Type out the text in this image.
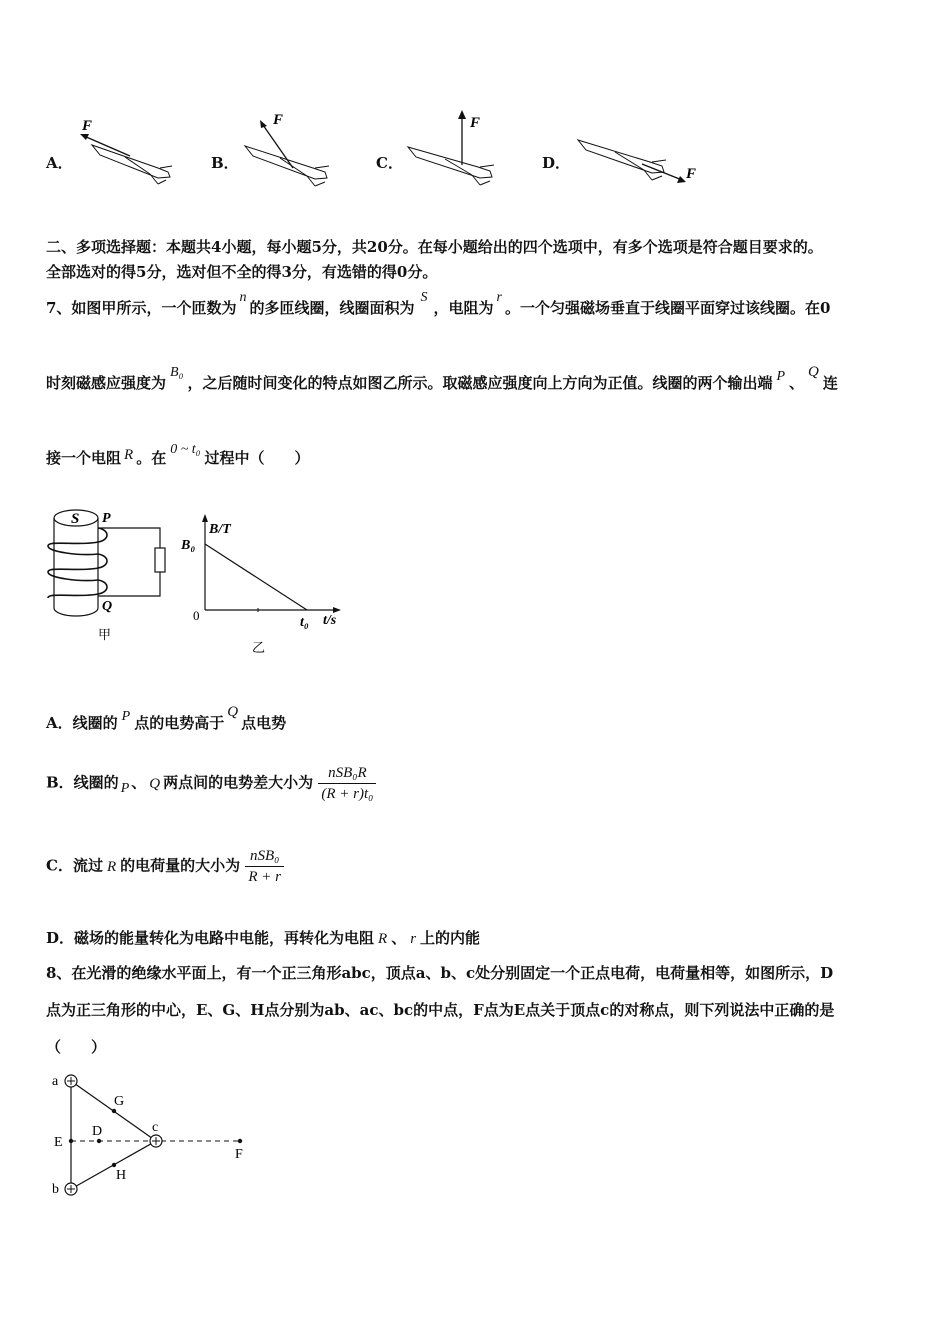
A．
F
B．
F
C．
F
D．
F
二、多项选择题：本题共4小题，每小题5分，共20分。在每小题给出的四个选项中，有多个选项是符合题目要求的。
全部选对的得5分，选对但不全的得3分，有选错的得0分。
7、如图甲所示，一个匝数为n的多匝线圈，线圈面积为S，电阻为r。一个匀强磁场垂直于线圈平面穿过该线圈。在0
时刻磁感应强度为B₀，之后随时间变化的特点如图乙所示。取磁感应强度向上方向为正值。线圈的两个输出端 P 、Q连
接一个电阻 R 。在 0 ~ t₀ 过程中（　　）
S P
Q
甲
B/T
B₀
0	t₀ t/s
乙
A．线圈的 P 点的电势高于Q点电势
B．线圈的 P 、 Q 两点间的电势差大小为 $\frac{\text{nSB₀R}}{\text{(R + r)t₀}}$
C．流过 R 的电荷量的大小为 $\frac{\text{nSB₀}}{R + r}$
D．磁场的能量转化为电路中电能，再转化为电阻 R 、 r 上的内能
8、在光滑的绝缘水平面上，有一个正三角形abc，顶点a、b、c处分别固定一个正点电荷，电荷量相等，如图所示，D
点为正三角形的中心，E、G、H点分别为ab、ac、bc的中点，F点为E点关于顶点c的对称点，则下列说法中正确的是
（　　）
a
b
c
D
E
F
G
H
